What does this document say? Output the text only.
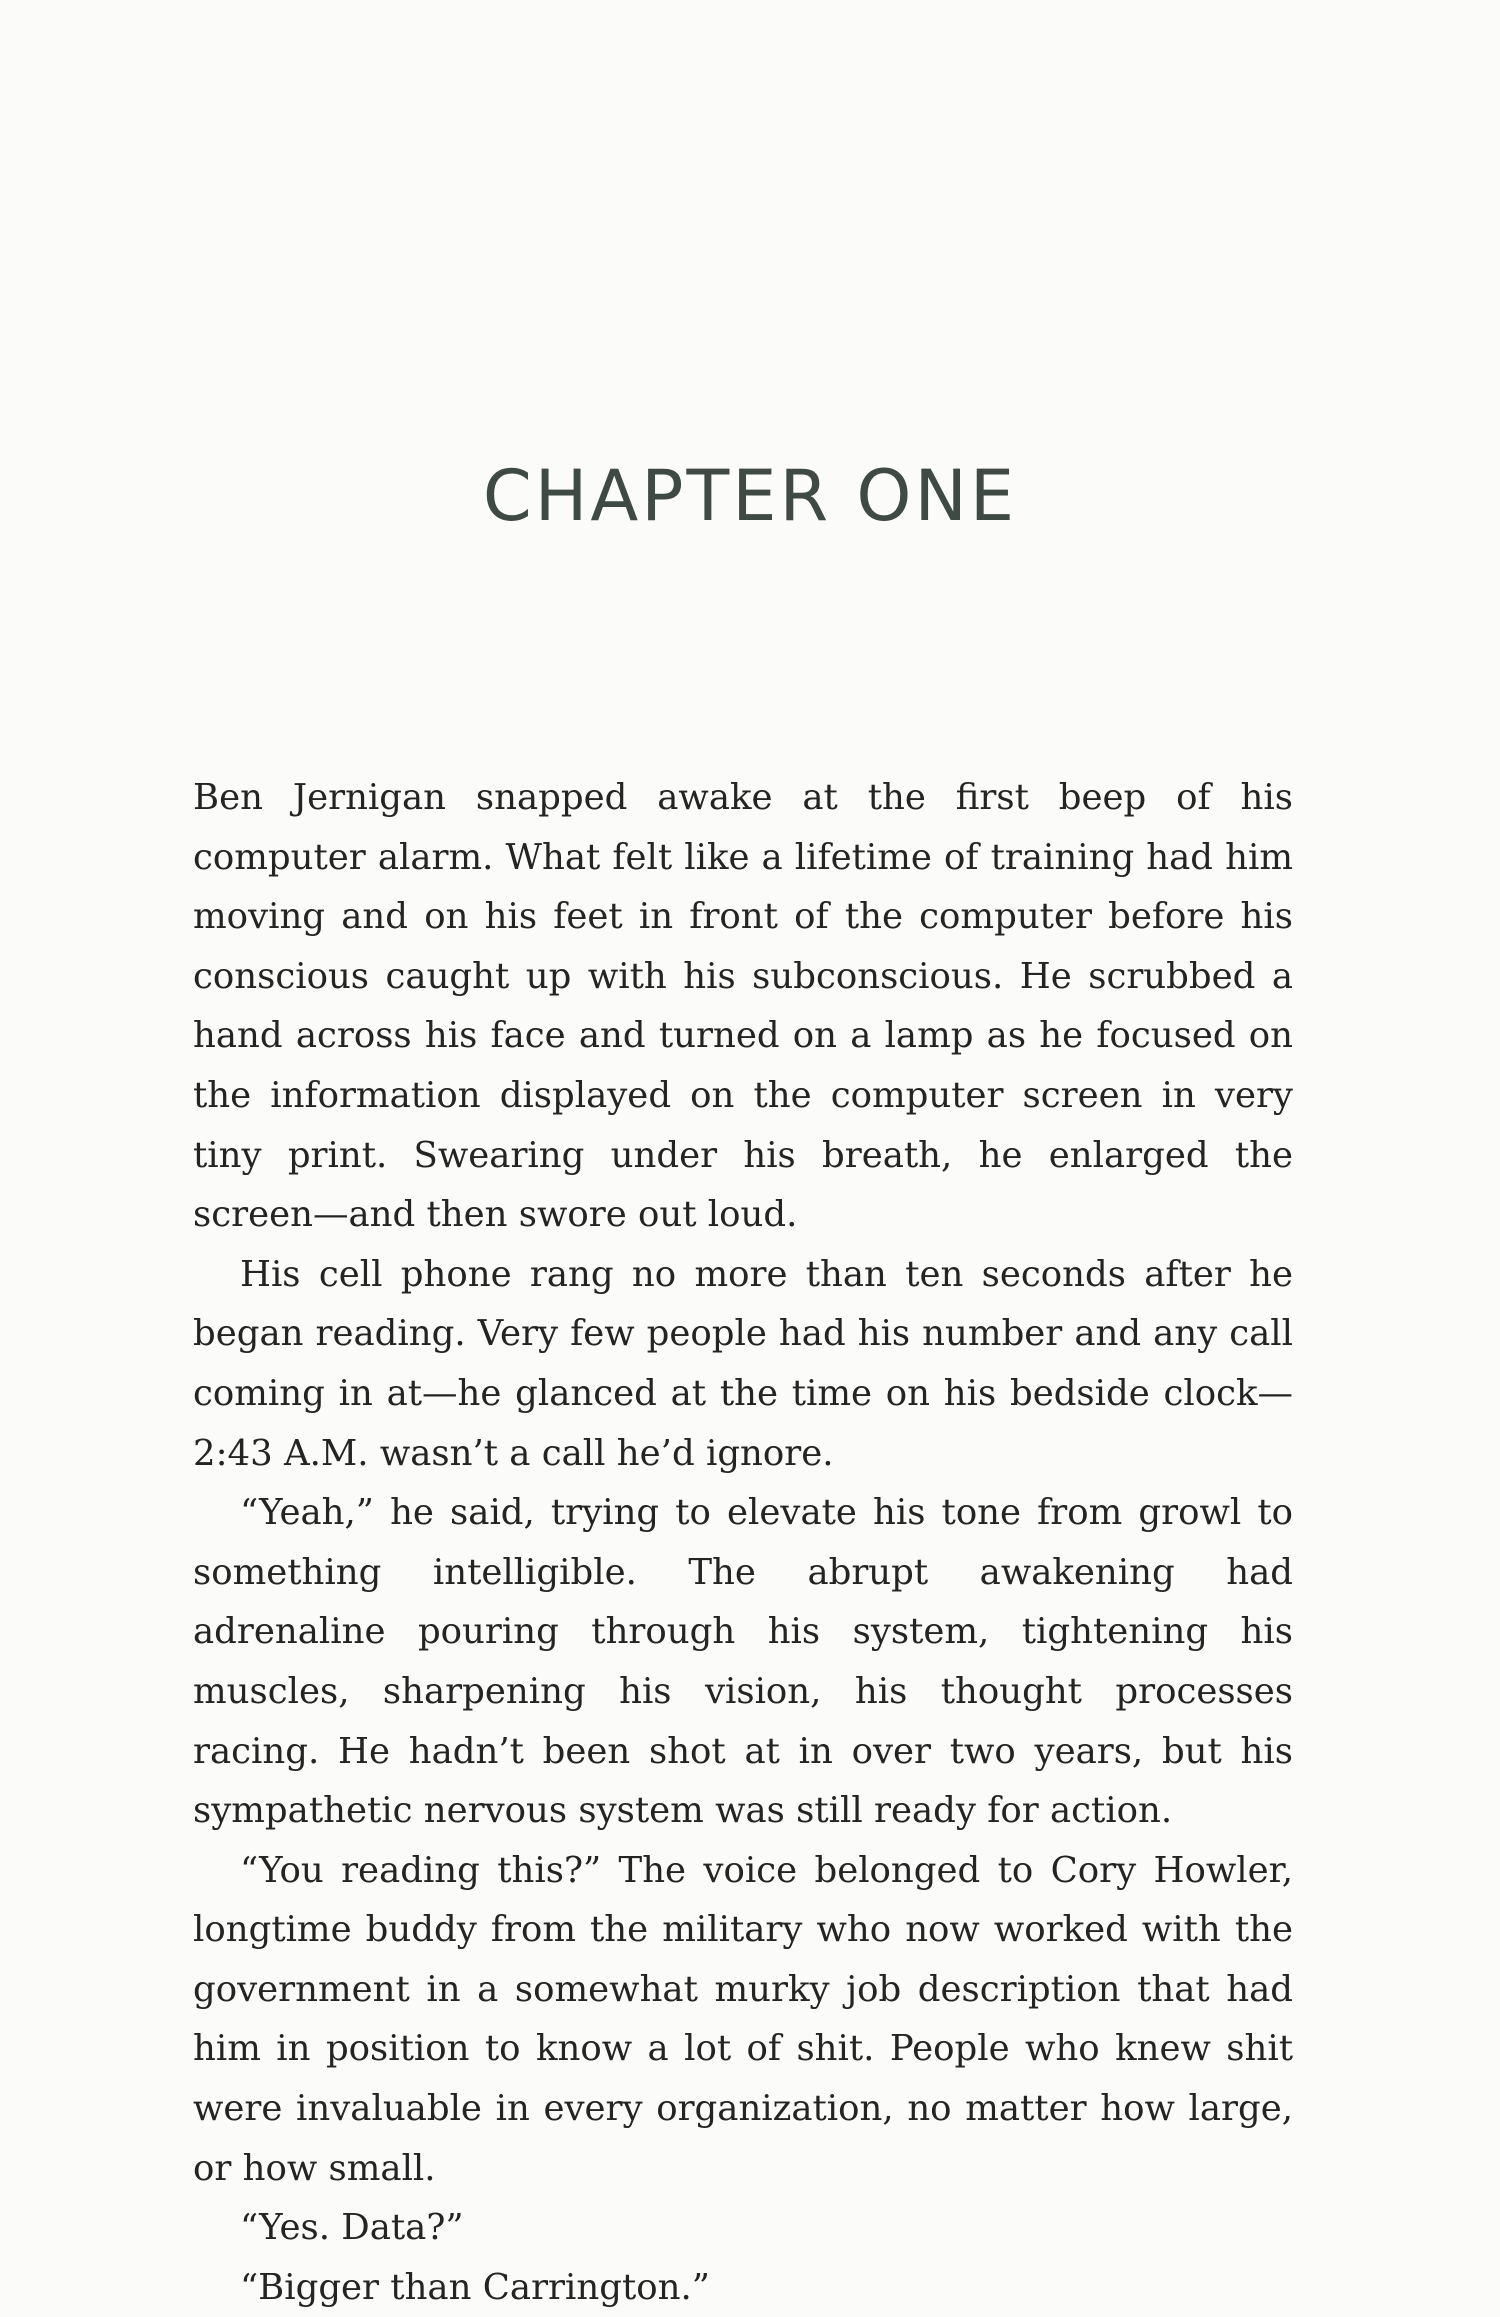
CHAPTER ONE

Ben Jernigan snapped awake at the first beep of his computer alarm. What felt like a lifetime of training had him moving and on his feet in front of the computer before his conscious caught up with his subconscious. He scrubbed a hand across his face and turned on a lamp as he focused on the information displayed on the computer screen in very tiny print. Swearing under his breath, he enlarged the screen—and then swore out loud.

His cell phone rang no more than ten seconds after he began reading. Very few people had his number and any call coming in at—he glanced at the time on his bedside clock—2:43 A.M. wasn’t a call he’d ignore.

“Yeah,” he said, trying to elevate his tone from growl to something intelligible. The abrupt awakening had adrenaline pouring through his system, tightening his muscles, sharpening his vision, his thought processes racing. He hadn’t been shot at in over two years, but his sympathetic nervous system was still ready for action.

“You reading this?” The voice belonged to Cory Howler, longtime buddy from the military who now worked with the government in a somewhat murky job description that had him in position to know a lot of shit. People who knew shit were invaluable in every organization, no matter how large, or how small.

“Yes. Data?”

“Bigger than Carrington.”
